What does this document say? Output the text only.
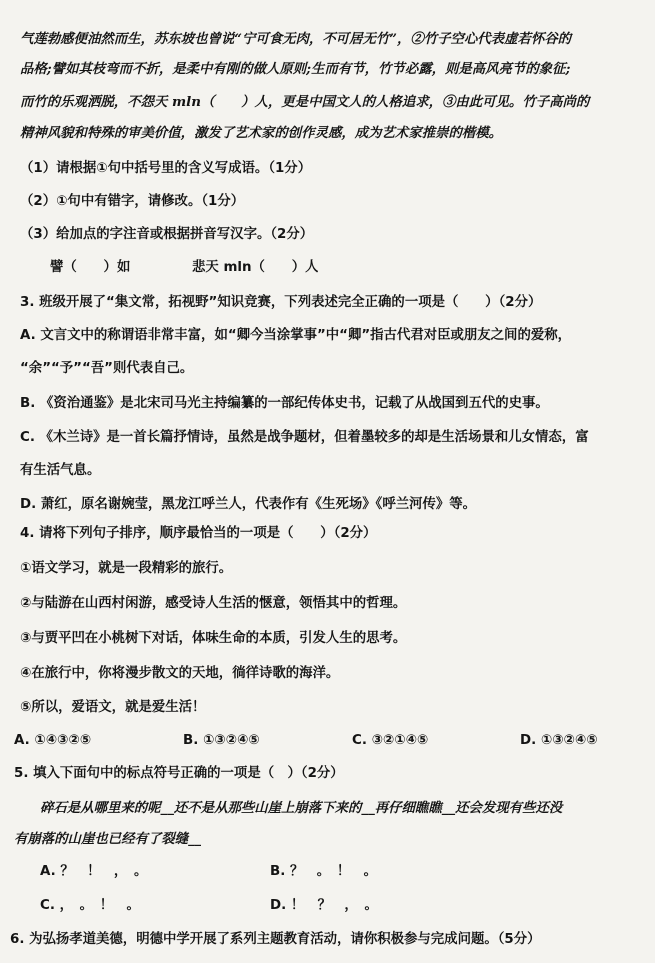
气莲勃感便油然而生，苏东坡也曾说“宁可食无肉，不可居无竹”，②竹子空心代表虚若怀谷的
品格;譬如其枝弯而不折，是柔中有刚的做人原则;生而有节，竹节必露，则是高风亮节的象征;
而竹的乐观洒脱，不怨天 mln（　　）人，更是中国文人的人格追求，③由此可见。竹子高尚的
精神风貌和特殊的审美价值，激发了艺术家的创作灵感，成为艺术家推崇的楷模。
（1）请根据①句中括号里的含义写成语。（1分）
（2）①句中有错字，请修改。（1分）
（3）给加点的字注音或根据拼音写汉字。（2分）
譬（　　）如	悲天 mln（　　）人
3. 班级开展了“集文常，拓视野”知识竞赛，下列表述完全正确的一项是（　　）（2分）
A. 文言文中的称谓语非常丰富，如“卿今当涂掌事”中“卿”指古代君对臣或朋友之间的爱称，
“余”“予”“吾”则代表自己。
B. 《资治通鉴》是北宋司马光主持编纂的一部纪传体史书，记载了从战国到五代的史事。
C. 《木兰诗》是一首长篇抒情诗，虽然是战争题材，但着墨较多的却是生活场景和儿女情态，富
有生活气息。
D. 萧红，原名谢婉莹，黑龙江呼兰人，代表作有《生死场》《呼兰河传》等。
4. 请将下列句子排序，顺序最恰当的一项是（　　）（2分）
①语文学习，就是一段精彩的旅行。
②与陆游在山西村闲游，感受诗人生活的惬意，领悟其中的哲理。
③与贾平凹在小桃树下对话，体味生命的本质，引发人生的思考。
④在旅行中，你将漫步散文的天地，徜徉诗歌的海洋。
⑤所以，爱语文，就是爱生活！
A. ①④③②⑤	B. ①③②④⑤	C. ③②①④⑤	D. ①③②④⑤
5. 填入下面句中的标点符号正确的一项是（　）（2分）
碎石是从哪里来的呢__还不是从那些山崖上崩落下来的__再仔细瞧瞧__还会发现有些还没
有崩落的山崖也已经有了裂缝__
A. ？　！　，　。	B. ？　。　！　。
C. ，　。　！　。	D. ！　？　，　。
6. 为弘扬孝道美德，明德中学开展了系列主题教育活动，请你积极参与完成问题。（5分）
